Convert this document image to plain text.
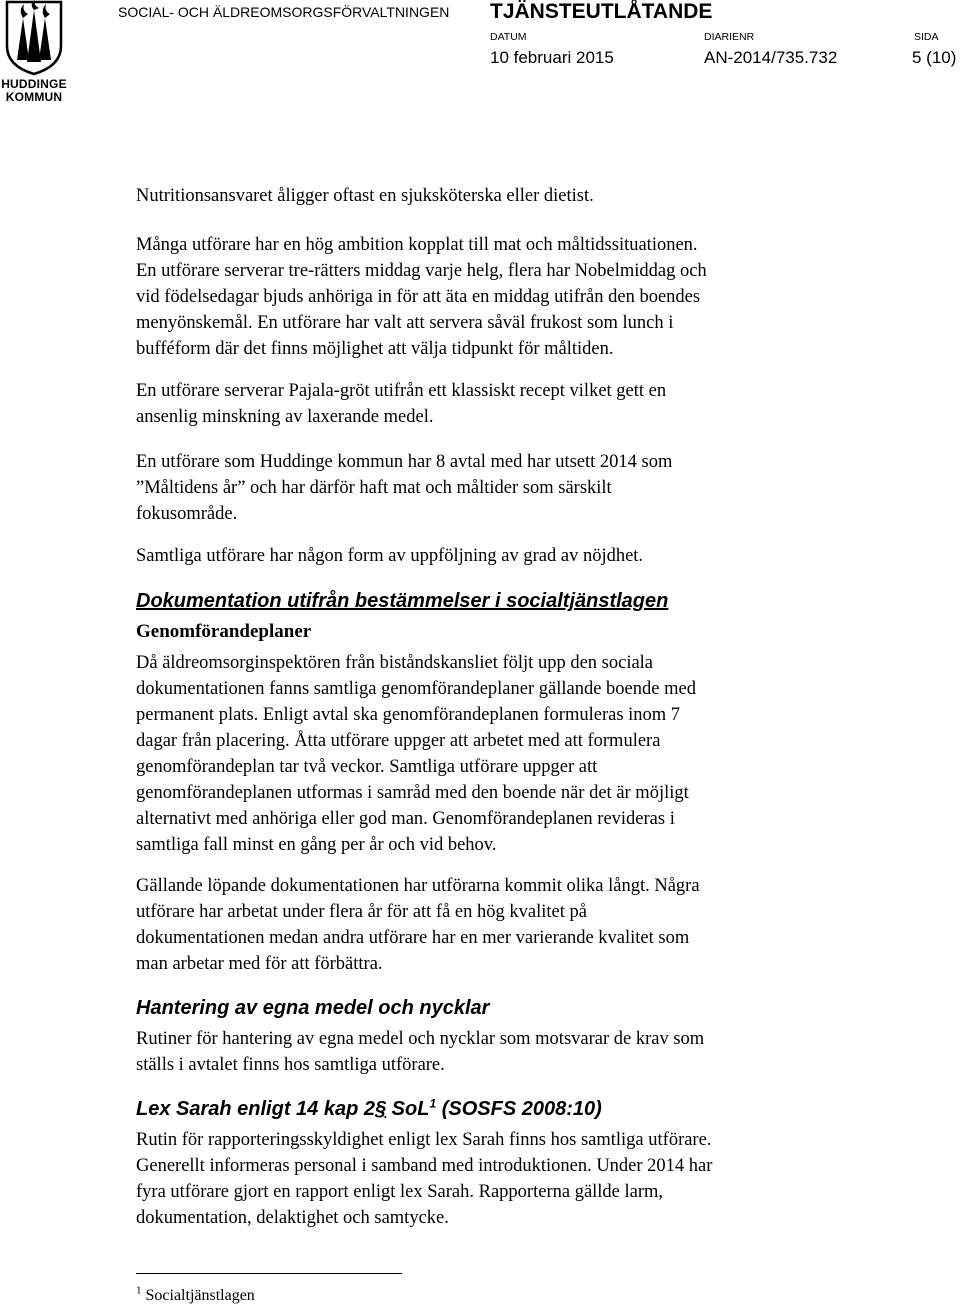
HUDDINGE
KOMMUN
SOCIAL- OCH ÄLDREOMSORGSFÖRVALTNINGEN TJÄNSTEUTLÅTANDE
DATUM
10 februari 2015
DIARIENR
AN-2014/735.732
SIDA
5 (10)
Nutritionsansvaret åligger oftast en sjuksköterska eller dietist.
Många utförare har en hög ambition kopplat till mat och måltidssituationen.
En utförare serverar tre-rätters middag varje helg, flera har Nobelmiddag och
vid födelsedagar bjuds anhöriga in för att äta en middag utifrån den boendes
menyönskemål. En utförare har valt att servera såväl frukost som lunch i
bufféform där det finns möjlighet att välja tidpunkt för måltiden.
En utförare serverar Pajala-gröt utifrån ett klassiskt recept vilket gett en
ansenlig minskning av laxerande medel.
En utförare som Huddinge kommun har 8 avtal med har utsett 2014 som
”Måltidens år” och har därför haft mat och måltider som särskilt
fokusområde.
Samtliga utförare har någon form av uppföljning av grad av nöjdhet.
Dokumentation utifrån bestämmelser i socialtjänstlagen
Genomförandeplaner
Då äldreomsorginspektören från biståndskansliet följt upp den sociala
dokumentationen fanns samtliga genomförandeplaner gällande boende med
permanent plats. Enligt avtal ska genomförandeplanen formuleras inom 7
dagar från placering. Åtta utförare uppger att arbetet med att formulera
genomförandeplan tar två veckor. Samtliga utförare uppger att
genomförandeplanen utformas i samråd med den boende när det är möjligt
alternativt med anhöriga eller god man. Genomförandeplanen revideras i
samtliga fall minst en gång per år och vid behov.
Gällande löpande dokumentationen har utförarna kommit olika långt. Några
utförare har arbetat under flera år för att få en hög kvalitet på
dokumentationen medan andra utförare har en mer varierande kvalitet som
man arbetar med för att förbättra.
Hantering av egna medel och nycklar
Rutiner för hantering av egna medel och nycklar som motsvarar de krav som
ställs i avtalet finns hos samtliga utförare.
Lex Sarah enligt 14 kap 2§ SoL$^1$ (SOSFS 2008:10)
Rutin för rapporteringsskyldighet enligt lex Sarah finns hos samtliga utförare.
Generellt informeras personal i samband med introduktionen. Under 2014 har
fyra utförare gjort en rapport enligt lex Sarah. Rapporterna gällde larm,
dokumentation, delaktighet och samtycke.
$^1$ Socialtjänstlagen
